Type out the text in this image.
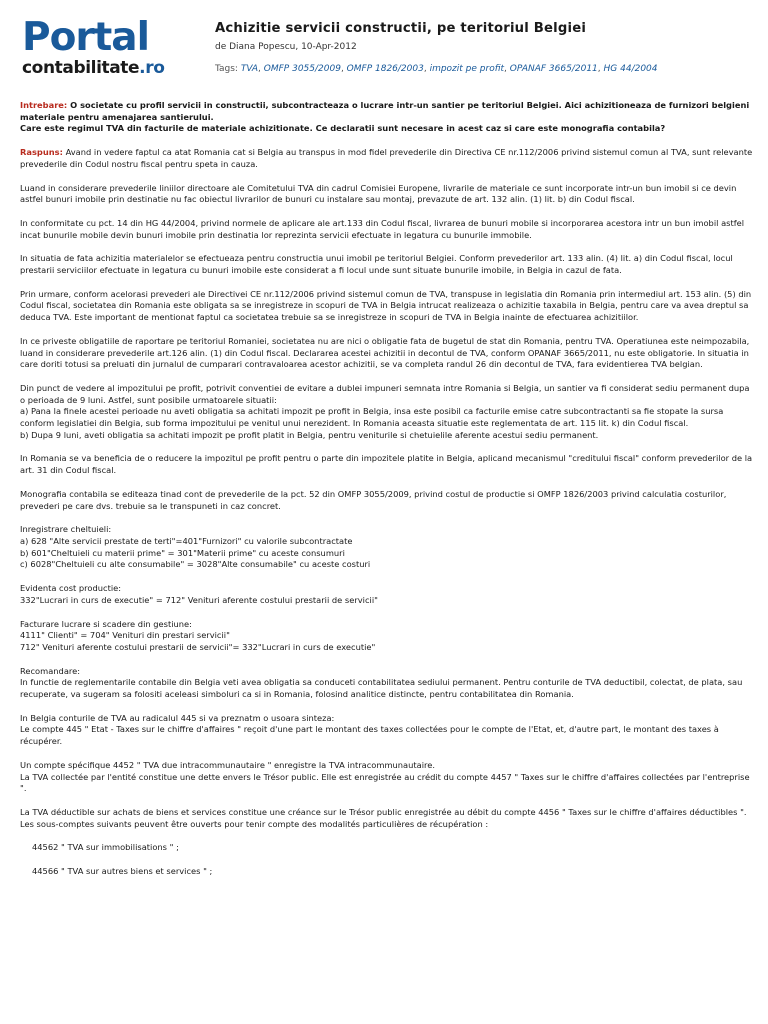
Portal
contabilitate.ro
Achizitie servicii constructii, pe teritoriul Belgiei
de Diana Popescu, 10-Apr-2012
Tags: TVA, OMFP 3055/2009, OMFP 1826/2003, impozit pe profit, OPANAF 3665/2011, HG 44/2004

Intrebare: O societate cu profil servicii in constructii, subcontracteaza o lucrare intr-un santier pe teritoriul Belgiei. Aici achizitioneaza de furnizori belgieni materiale pentru amenajarea santierului.
Care este regimul TVA din facturile de materiale achizitionate. Ce declaratii sunt necesare in acest caz si care este monografia contabila?

Raspuns: Avand in vedere faptul ca atat Romania cat si Belgia au transpus in mod fidel prevederile din Directiva CE nr.112/2006 privind sistemul comun al TVA, sunt relevante prevederile din Codul nostru fiscal pentru speta in cauza.

Luand in considerare prevederile liniilor directoare ale Comitetului TVA din cadrul Comisiei Europene, livrarile de materiale ce sunt incorporate intr-un bun imobil si ce devin astfel bunuri imobile prin destinatie nu fac obiectul livrarilor de bunuri cu instalare sau montaj, prevazute de art. 132 alin. (1) lit. b) din Codul fiscal.

In conformitate cu pct. 14 din HG 44/2004, privind normele de aplicare ale art.133 din Codul fiscal, livrarea de bunuri mobile si incorporarea acestora intr un bun imobil astfel incat bunurile mobile devin bunuri imobile prin destinatia lor reprezinta servicii efectuate in legatura cu bunurile immobile.

In situatia de fata achizitia materialelor se efectueaza pentru constructia unui imobil pe teritoriul Belgiei. Conform prevederilor art. 133 alin. (4) lit. a) din Codul fiscal, locul prestarii serviciilor efectuate in legatura cu bunuri imobile este considerat a fi locul unde sunt situate bunurile imobile, in Belgia in cazul de fata.

Prin urmare, conform acelorasi prevederi ale Directivei CE nr.112/2006 privind sistemul comun de TVA, transpuse in legislatia din Romania prin intermediul art. 153 alin. (5) din Codul fiscal, societatea din Romania este obligata sa se inregistreze in scopuri de TVA in Belgia intrucat realizeaza o achizitie taxabila in Belgia, pentru care va avea dreptul sa deduca TVA. Este important de mentionat faptul ca societatea trebuie sa se inregistreze in scopuri de TVA in Belgia inainte de efectuarea achizitiilor.

In ce priveste obligatiile de raportare pe teritoriul Romaniei, societatea nu are nici o obligatie fata de bugetul de stat din Romania, pentru TVA. Operatiunea este neimpozabila, luand in considerare prevederile art.126 alin. (1) din Codul fiscal. Declararea acestei achizitii in decontul de TVA, conform OPANAF 3665/2011, nu este obligatorie. In situatia in care doriti totusi sa preluati din jurnalul de cumparari contravaloarea acestor achizitii, se va completa randul 26 din decontul de TVA, fara evidentierea TVA belgian.

Din punct de vedere al impozitului pe profit, potrivit conventiei de evitare a dublei impuneri semnata intre Romania si Belgia, un santier va fi considerat sediu permanent dupa o perioada de 9 luni. Astfel, sunt posibile urmatoarele situatii:
a) Pana la finele acestei perioade nu aveti obligatia sa achitati impozit pe profit in Belgia, insa este posibil ca facturile emise catre subcontractanti sa fie stopate la sursa conform legislatiei din Belgia, sub forma impozitului pe venitul unui nerezident. In Romania aceasta situatie este reglementata de art. 115 lit. k) din Codul fiscal.
b) Dupa 9 luni, aveti obligatia sa achitati impozit pe profit platit in Belgia, pentru veniturile si chetuielile aferente acestui sediu permanent.

In Romania se va beneficia de o reducere la impozitul pe profit pentru o parte din impozitele platite in Belgia, aplicand mecanismul "creditului fiscal" conform prevederilor de la art. 31 din Codul fiscal.

Monografia contabila se editeaza tinad cont de prevederile de la pct. 52 din OMFP 3055/2009, privind costul de productie si OMFP 1826/2003 privind calculatia costurilor, prevederi pe care dvs. trebuie sa le transpuneti in caz concret.

Inregistrare cheltuieli:
a) 628 "Alte servicii prestate de terti"=401"Furnizori" cu valorile subcontractate
b) 601"Cheltuieli cu materii prime" = 301"Materii prime" cu aceste consumuri
c) 6028"Cheltuieli cu alte consumabile" = 3028"Alte consumabile" cu aceste costuri

Evidenta cost productie:
332"Lucrari in curs de executie" = 712" Venituri aferente costului prestarii de servicii"

Facturare lucrare si scadere din gestiune:
4111" Clienti" = 704" Venituri din prestari servicii"
712" Venituri aferente costului prestarii de servicii"= 332"Lucrari in curs de executie"

Recomandare:
In functie de reglementarile contabile din Belgia veti avea obligatia sa conduceti contabilitatea sediului permanent. Pentru conturile de TVA deductibil, colectat, de plata, sau recuperate, va sugeram sa folositi aceleasi simboluri ca si in Romania, folosind analitice distincte, pentru contabilitatea din Romania.

In Belgia conturile de TVA au radicalul 445 si va preznatm o usoara sinteza:
Le compte 445 " Etat - Taxes sur le chiffre d'affaires " reçoit d'une part le montant des taxes collectées pour le compte de l'Etat, et, d'autre part, le montant des taxes à récupérer.

Un compte spécifique 4452 " TVA due intracommunautaire " enregistre la TVA intracommunautaire.
La TVA collectée par l'entité constitue une dette envers le Trésor public. Elle est enregistrée au crédit du compte 4457 " Taxes sur le chiffre d'affaires collectées par l'entreprise ".

La TVA déductible sur achats de biens et services constitue une créance sur le Trésor public enregistrée au débit du compte 4456 " Taxes sur le chiffre d'affaires déductibles ". Les sous-comptes suivants peuvent être ouverts pour tenir compte des modalités particulières de récupération :

44562 " TVA sur immobilisations " ;

44566 " TVA sur autres biens et services " ;
